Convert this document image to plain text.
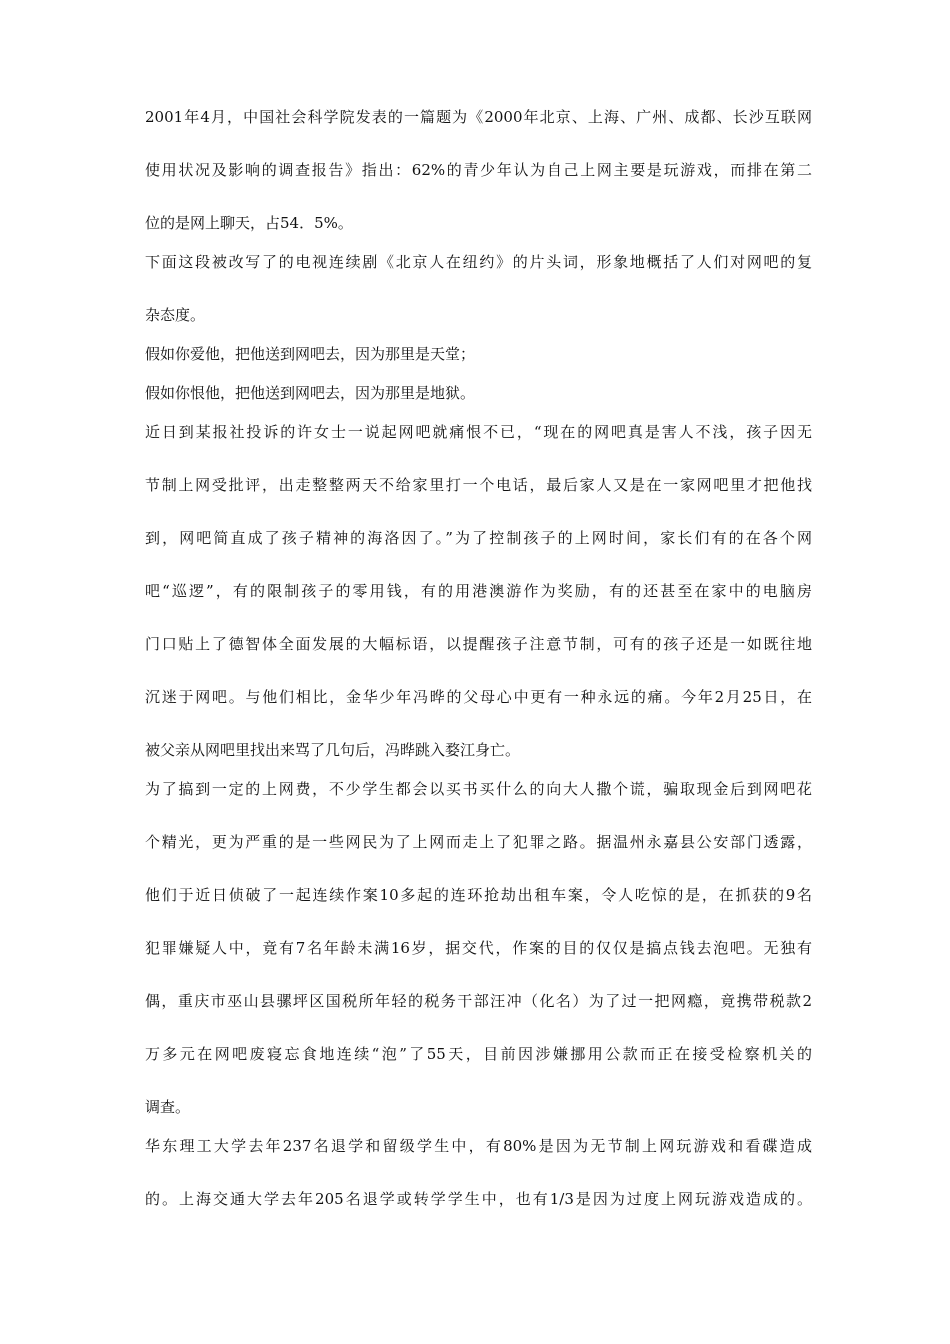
2001年4月，中国社会科学院发表的一篇题为《2000年北京、上海、广州、成都、长沙互联网
使用状况及影响的调查报告》指出：62%的青少年认为自己上网主要是玩游戏，而排在第二
位的是网上聊天，占54．5%。

下面这段被改写了的电视连续剧《北京人在纽约》的片头词，形象地概括了人们对网吧的复
杂态度。

假如你爱他，把他送到网吧去，因为那里是天堂；

假如你恨他，把他送到网吧去，因为那里是地狱。

近日到某报社投诉的许女士一说起网吧就痛恨不已，“现在的网吧真是害人不浅，孩子因无
节制上网受批评，出走整整两天不给家里打一个电话，最后家人又是在一家网吧里才把他找
到，网吧简直成了孩子精神的海洛因了。”为了控制孩子的上网时间，家长们有的在各个网
吧“巡逻”，有的限制孩子的零用钱，有的用港澳游作为奖励，有的还甚至在家中的电脑房
门口贴上了德智体全面发展的大幅标语，以提醒孩子注意节制，可有的孩子还是一如既往地
沉迷于网吧。与他们相比，金华少年冯晔的父母心中更有一种永远的痛。今年2月25日，在
被父亲从网吧里找出来骂了几句后，冯晔跳入婺江身亡。

为了搞到一定的上网费，不少学生都会以买书买什么的向大人撒个谎，骗取现金后到网吧花
个精光，更为严重的是一些网民为了上网而走上了犯罪之路。据温州永嘉县公安部门透露，
他们于近日侦破了一起连续作案10多起的连环抢劫出租车案，令人吃惊的是，在抓获的9名
犯罪嫌疑人中，竟有7名年龄未满16岁，据交代，作案的目的仅仅是搞点钱去泡吧。无独有
偶，重庆市巫山县骡坪区国税所年轻的税务干部汪冲（化名）为了过一把网瘾，竟携带税款2
万多元在网吧废寝忘食地连续“泡”了55天，目前因涉嫌挪用公款而正在接受检察机关的
调查。

华东理工大学去年237名退学和留级学生中，有80%是因为无节制上网玩游戏和看碟造成
的。上海交通大学去年205名退学或转学学生中，也有1/3是因为过度上网玩游戏造成的。
